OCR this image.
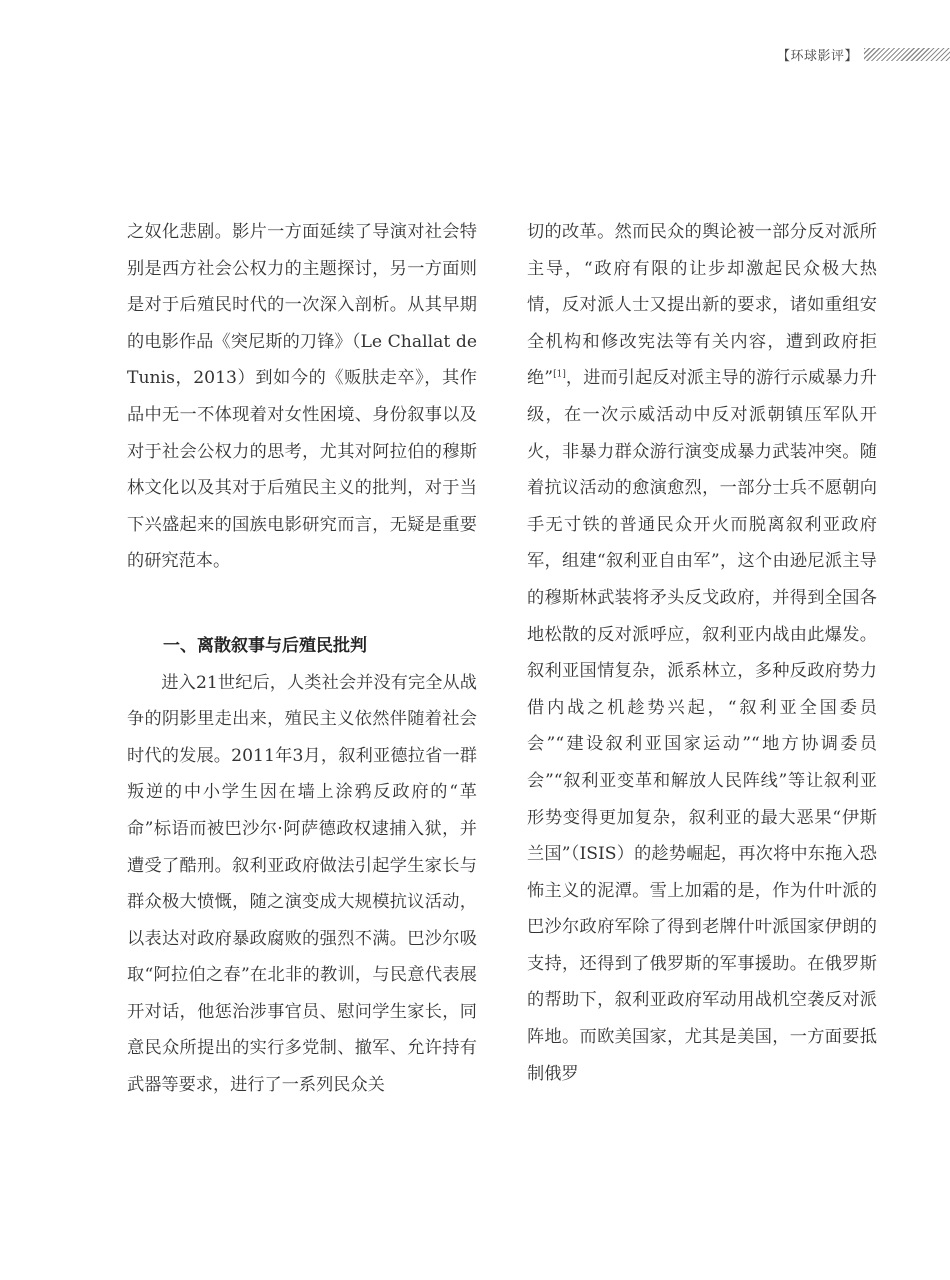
【环球影评】

之奴化悲剧。影片一方面延续了导演对社会特别是西方社会公权力的主题探讨，另一方面则是对于后殖民时代的一次深入剖析。从其早期的电影作品《突尼斯的刀锋》（Le Challat de Tunis，2013）到如今的《贩肤走卒》，其作品中无一不体现着对女性困境、身份叙事以及对于社会公权力的思考，尤其对阿拉伯的穆斯林文化以及其对于后殖民主义的批判，对于当下兴盛起来的国族电影研究而言，无疑是重要的研究范本。

一、离散叙事与后殖民批判

进入21世纪后，人类社会并没有完全从战争的阴影里走出来，殖民主义依然伴随着社会时代的发展。2011年3月，叙利亚德拉省一群叛逆的中小学生因在墙上涂鸦反政府的“革命”标语而被巴沙尔·阿萨德政权逮捕入狱，并遭受了酷刑。叙利亚政府做法引起学生家长与群众极大愤慨，随之演变成大规模抗议活动，以表达对政府暴政腐败的强烈不满。巴沙尔吸取“阿拉伯之春”在北非的教训，与民意代表展开对话，他惩治涉事官员、慰问学生家长，同意民众所提出的实行多党制、撤军、允许持有武器等要求，进行了一系列民众关

切的改革。然而民众的舆论被一部分反对派所主导，“政府有限的让步却激起民众极大热情，反对派人士又提出新的要求，诸如重组安全机构和修改宪法等有关内容，遭到政府拒绝”[1]，进而引起反对派主导的游行示威暴力升级，在一次示威活动中反对派朝镇压军队开火，非暴力群众游行演变成暴力武装冲突。随着抗议活动的愈演愈烈，一部分士兵不愿朝向手无寸铁的普通民众开火而脱离叙利亚政府军，组建“叙利亚自由军”，这个由逊尼派主导的穆斯林武装将矛头反戈政府，并得到全国各地松散的反对派呼应，叙利亚内战由此爆发。叙利亚国情复杂，派系林立，多种反政府势力借内战之机趁势兴起，“叙利亚全国委员会”“建设叙利亚国家运动”“地方协调委员会”“叙利亚变革和解放人民阵线”等让叙利亚形势变得更加复杂，叙利亚的最大恶果“伊斯兰国”（ISIS）的趁势崛起，再次将中东拖入恐怖主义的泥潭。雪上加霜的是，作为什叶派的巴沙尔政府军除了得到老牌什叶派国家伊朗的支持，还得到了俄罗斯的军事援助。在俄罗斯的帮助下，叙利亚政府军动用战机空袭反对派阵地。而欧美国家，尤其是美国，一方面要抵制俄罗
